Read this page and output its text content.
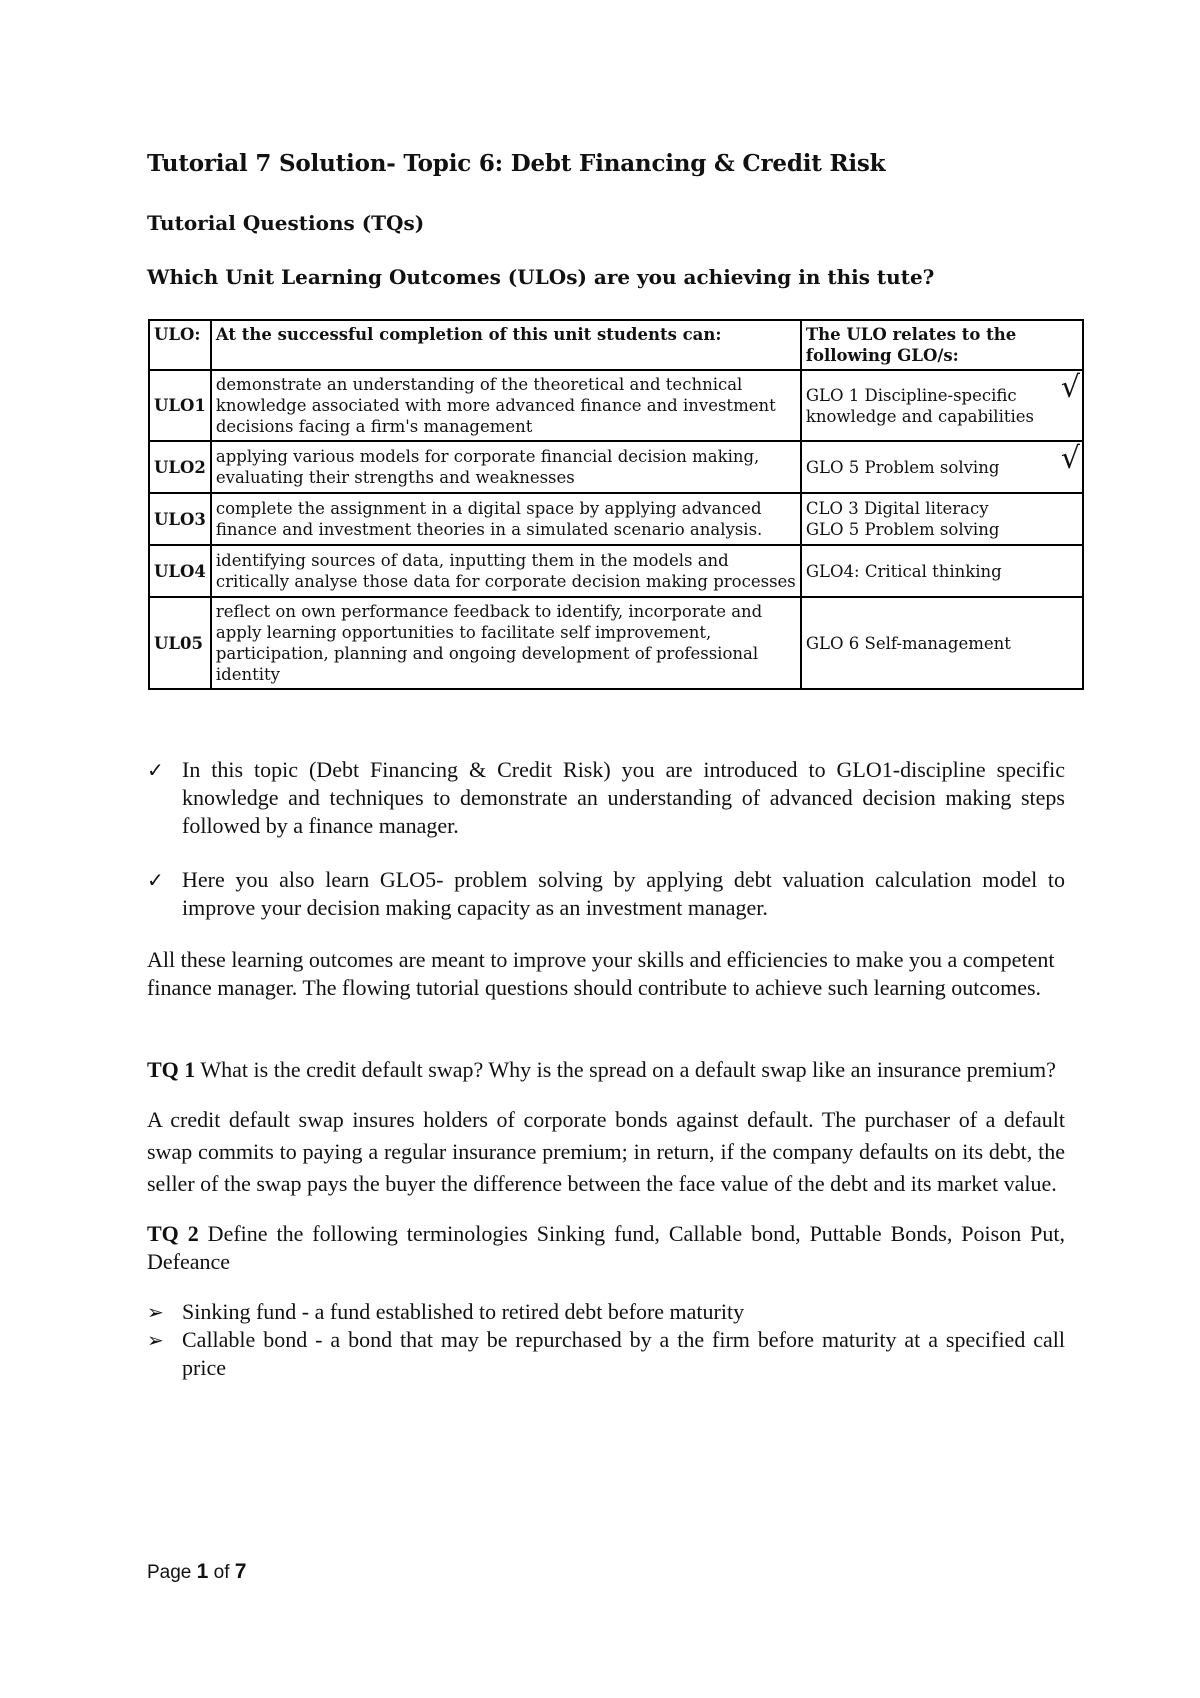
Tutorial 7 Solution- Topic 6: Debt Financing & Credit Risk
Tutorial Questions (TQs)
Which Unit Learning Outcomes (ULOs) are you achieving in this tute?
ULO:	At the successful completion of this unit students can:	The ULO relates to the following GLO/s:
ULO1	demonstrate an understanding of the theoretical and technical knowledge associated with more advanced finance and investment decisions facing a firm's management	GLO 1 Discipline-specific knowledge and capabilities
√

ULO2	applying various models for corporate financial decision making, evaluating their strengths and weaknesses	GLO 5 Problem solving √

ULO3	complete the assignment in a digital space by applying advanced finance and investment theories in a simulated scenario analysis.	CLO 3 Digital literacy
GLO 5 Problem solving
ULO4	identifying sources of data, inputting them in the models and critically analyse those data for corporate decision making processes	GLO4: Critical thinking
UL05	reflect on own performance feedback to identify, incorporate and apply learning opportunities to facilitate self improvement, participation, planning and ongoing development of professional identity	GLO 6 Self-management
✓ In this topic (Debt Financing & Credit Risk) you are introduced to GLO1-discipline specific knowledge and techniques to demonstrate an understanding of advanced decision making steps followed by a finance manager.
✓ Here you also learn GLO5- problem solving by applying debt valuation calculation model to improve your decision making capacity as an investment manager.

All these learning outcomes are meant to improve your skills and efficiencies to make you a competent finance manager. The flowing tutorial questions should contribute to achieve such learning outcomes.

TQ 1 What is the credit default swap? Why is the spread on a default swap like an insurance premium?

A credit default swap insures holders of corporate bonds against default. The purchaser of a default swap commits to paying a regular insurance premium; in return, if the company defaults on its debt, the seller of the swap pays the buyer the difference between the face value of the debt and its market value.

TQ 2 Define the following terminologies Sinking fund, Callable bond, Puttable Bonds, Poison Put, Defeance

➢ Sinking fund - a fund established to retired debt before maturity
➢ Callable bond - a bond that may be repurchased by a the firm before maturity at a specified call price
Page 1 of 7
